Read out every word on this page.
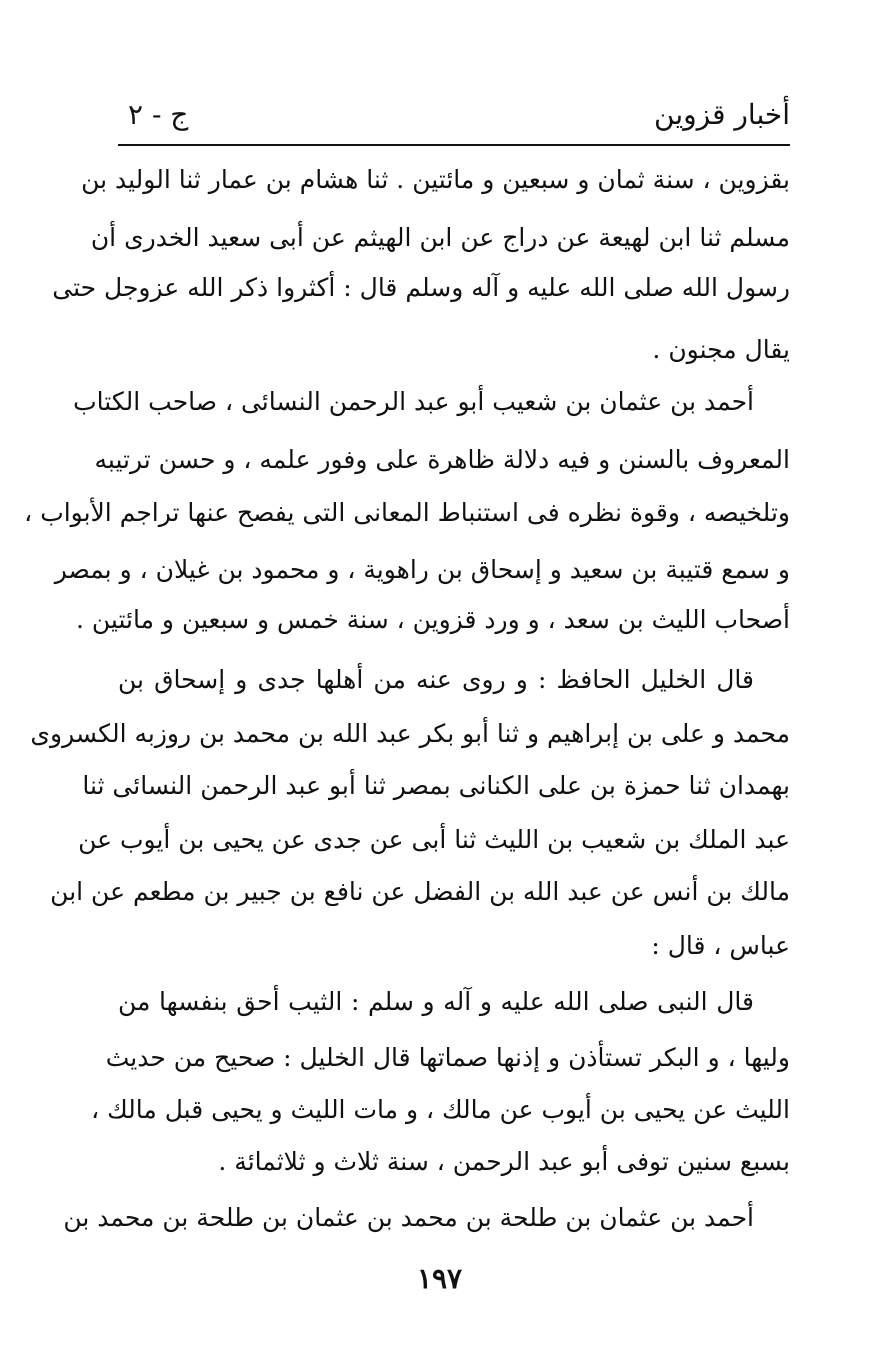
أخبار قزوين
ج - ٢
بقزوين ، سنة ثمان و سبعين و مائتين . ثنا هشام بن عمار ثنا الوليد بن
مسلم ثنا ابن لهيعة عن دراج عن ابن الهيثم عن أبى سعيد الخدرى أن
رسول الله صلى الله عليه و آله وسلم قال : أكثروا ذكر الله عزوجل حتى
يقال مجنون .
أحمد بن عثمان بن شعيب أبو عبد الرحمن النسائى ، صاحب الكتاب
المعروف بالسنن و فيه دلالة ظاهرة على وفور علمه ، و حسن ترتيبه
وتلخيصه ، وقوة نظره فى استنباط المعانى التى يفصح عنها تراجم الأبواب ،
و سمع قتيبة بن سعيد و إسحاق بن راهوية ، و محمود بن غيلان ، و بمصر
أصحاب الليث بن سعد ، و ورد قزوين ، سنة خمس و سبعين و مائتين .
قال الخليل الحافظ : و روى عنه من أهلها جدى و إسحاق بن
محمد و على بن إبراهيم و ثنا أبو بكر عبد الله بن محمد بن روزبه الكسروى
بهمدان ثنا حمزة بن على الكنانى بمصر ثنا أبو عبد الرحمن النسائى ثنا
عبد الملك بن شعيب بن الليث ثنا أبى عن جدى عن يحيى بن أيوب عن
مالك بن أنس عن عبد الله بن الفضل عن نافع بن جبير بن مطعم عن ابن
عباس ، قال :
قال النبى صلى الله عليه و آله و سلم : الثيب أحق بنفسها من
وليها ، و البكر تستأذن و إذنها صماتها قال الخليل : صحيح من حديث
الليث عن يحيى بن أيوب عن مالك ، و مات الليث و يحيى قبل مالك ،
بسبع سنين توفى أبو عبد الرحمن ، سنة ثلاث و ثلاثمائة .
أحمد بن عثمان بن طلحة بن محمد بن عثمان بن طلحة بن محمد بن
١٩٧
